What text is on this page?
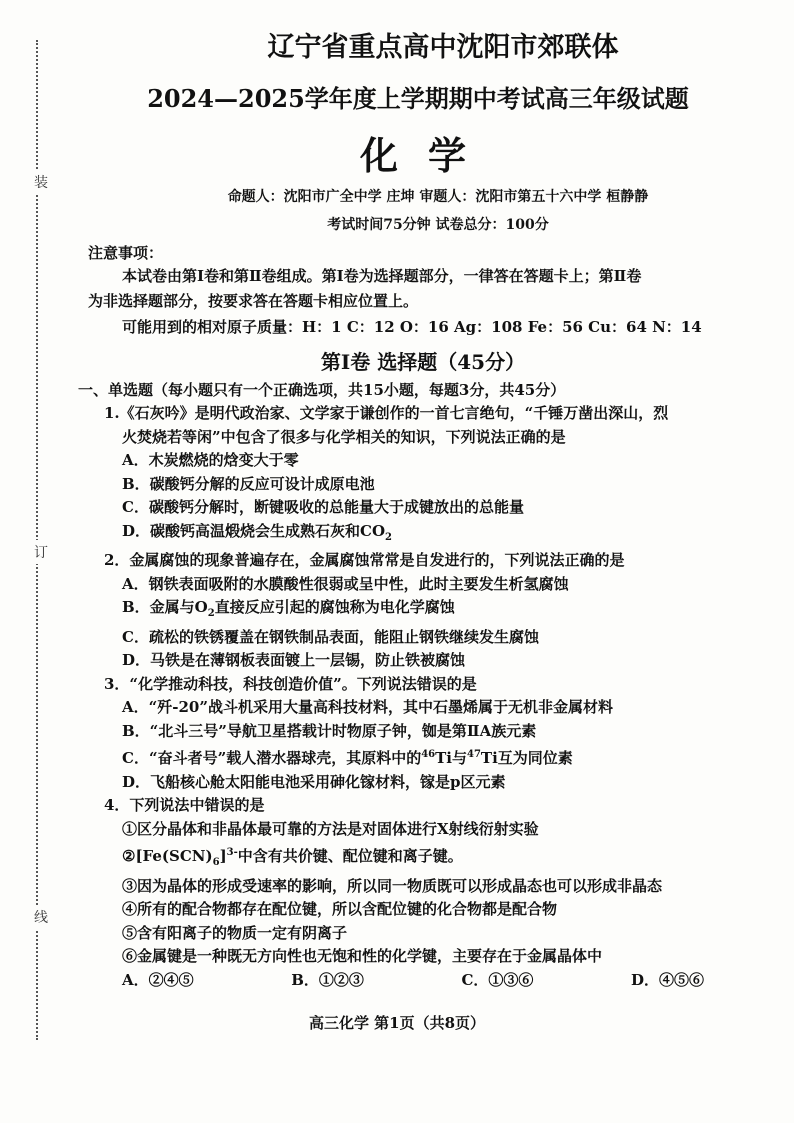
装
订
线
辽宁省重点高中沈阳市郊联体
2024—2025学年度上学期期中考试高三年级试题
化学
命题人：沈阳市广全中学 庄坤 审题人：沈阳市第五十六中学 桓静静
考试时间75分钟 试卷总分：100分
注意事项：

本试卷由第Ⅰ卷和第Ⅱ卷组成。第Ⅰ卷为选择题部分，一律答在答题卡上；第Ⅱ卷

为非选择题部分，按要求答在答题卡相应位置上。

可能用到的相对原子质量：H：1 C：12 O：16 Ag：108 Fe：56 Cu：64 N：14
第Ⅰ卷 选择题（45分）
一、单选题（每小题只有一个正确选项，共15小题，每题3分，共45分）
1.《石灰吟》是明代政治家、文学家于谦创作的一首七言绝句，“千锤万凿出深山，烈
火焚烧若等闲”中包含了很多与化学相关的知识，下列说法正确的是
A．木炭燃烧的焓变大于零
B．碳酸钙分解的反应可设计成原电池
C．碳酸钙分解时，断键吸收的总能量大于成键放出的总能量
D．碳酸钙高温煅烧会生成熟石灰和$CO_2$
2．金属腐蚀的现象普遍存在，金属腐蚀常常是自发进行的，下列说法正确的是
A．钢铁表面吸附的水膜酸性很弱或呈中性，此时主要发生析氢腐蚀
B．金属与$O_2$直接反应引起的腐蚀称为电化学腐蚀
C．疏松的铁锈覆盖在钢铁制品表面，能阻止钢铁继续发生腐蚀
D．马铁是在薄钢板表面镀上一层锡，防止铁被腐蚀
3．“化学推动科技，科技创造价值”。下列说法错误的是
A．“歼-20”战斗机采用大量高科技材料，其中石墨烯属于无机非金属材料
B．“北斗三号”导航卫星搭载计时物原子钟，铷是第ⅡA族元素
C．“奋斗者号”载人潜水器球壳，其原料中的$^{46}$Ti与$^{47}$Ti互为同位素
D．飞船核心舱太阳能电池采用砷化镓材料，镓是p区元素
4．下列说法中错误的是
①区分晶体和非晶体最可靠的方法是对固体进行X射线衍射实验
$②[Fe(SCN)_6]^{3-}$中含有共价键、配位键和离子键。
③因为晶体的形成受速率的影响，所以同一物质既可以形成晶态也可以形成非晶态
④所有的配合物都存在配位键，所以含配位键的化合物都是配合物
⑤含有阳离子的物质一定有阴离子
⑥金属键是一种既无方向性也无饱和性的化学键，主要存在于金属晶体中
A．②④⑤	B．①②③	C．①③⑥	D．④⑤⑥
高三化学 第1页（共8页）
